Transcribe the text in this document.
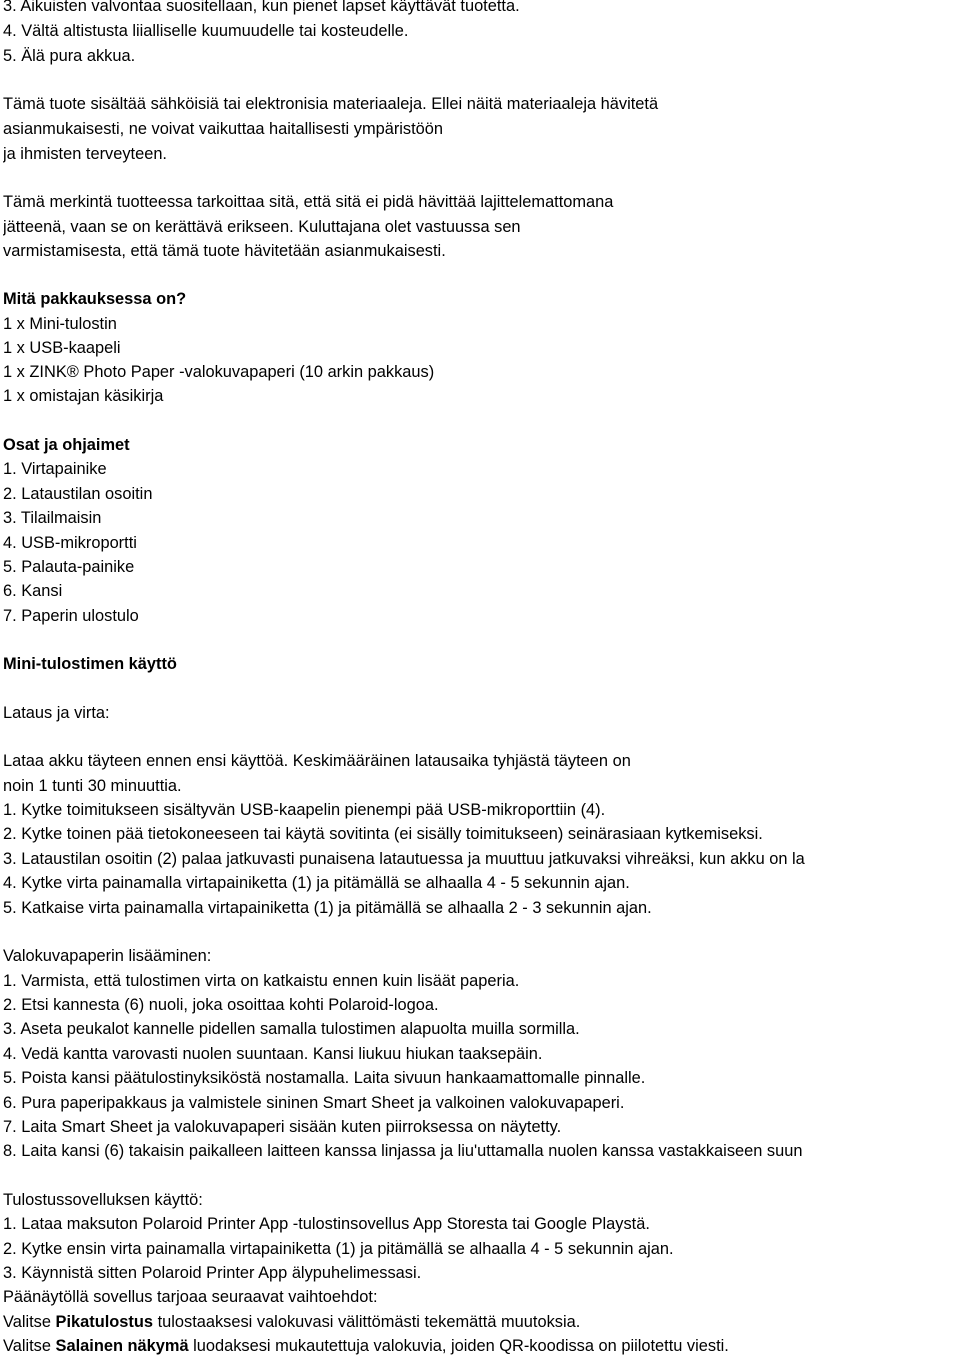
3. Aikuisten valvontaa suositellaan, kun pienet lapset käyttävät tuotetta.
4. Vältä altistusta liialliselle kuumuudelle tai kosteudelle.
5. Älä pura akkua.
Tämä tuote sisältää sähköisiä tai elektronisia materiaaleja. Ellei näitä materiaaleja hävitetä
asianmukaisesti, ne voivat vaikuttaa haitallisesti ympäristöön
ja ihmisten terveyteen.
Tämä merkintä tuotteessa tarkoittaa sitä, että sitä ei pidä hävittää lajittelemattomana
jätteenä, vaan se on kerättävä erikseen. Kuluttajana olet vastuussa sen
varmistamisesta, että tämä tuote hävitetään asianmukaisesti.
Mitä pakkauksessa on?
1 x Mini-tulostin
1 x USB-kaapeli
1 x ZINK® Photo Paper -valokuvapaperi (10 arkin pakkaus)
1 x omistajan käsikirja
Osat ja ohjaimet
1. Virtapainike
2. Lataustilan osoitin
3. Tilailmaisin
4. USB-mikroportti
5. Palauta-painike
6. Kansi
7. Paperin ulostulo
Mini-tulostimen käyttö
Lataus ja virta:
Lataa akku täyteen ennen ensi käyttöä. Keskimääräinen latausaika tyhjästä täyteen on
noin 1 tunti 30 minuuttia.
1. Kytke toimitukseen sisältyvän USB-kaapelin pienempi pää USB-mikroporttiin (4).
2. Kytke toinen pää tietokoneeseen tai käytä sovitinta (ei sisälly toimitukseen) seinärasiaan kytkemiseksi.
3. Lataustilan osoitin (2) palaa jatkuvasti punaisena latautuessa ja muuttuu jatkuvaksi vihreäksi, kun akku on la
4. Kytke virta painamalla virtapainiketta (1) ja pitämällä se alhaalla 4 - 5 sekunnin ajan.
5. Katkaise virta painamalla virtapainiketta (1) ja pitämällä se alhaalla 2 - 3 sekunnin ajan.
Valokuvapaperin lisääminen:
1. Varmista, että tulostimen virta on katkaistu ennen kuin lisäät paperia.
2. Etsi kannesta (6) nuoli, joka osoittaa kohti Polaroid-logoa.
3. Aseta peukalot kannelle pidellen samalla tulostimen alapuolta muilla sormilla.
4. Vedä kantta varovasti nuolen suuntaan. Kansi liukuu hiukan taaksepäin.
5. Poista kansi päätulostinyksiköstä nostamalla. Laita sivuun hankaamattomalle pinnalle.
6. Pura paperipakkaus ja valmistele sininen Smart Sheet ja valkoinen valokuvapaperi.
7. Laita Smart Sheet ja valokuvapaperi sisään kuten piirroksessa on näytetty.
8. Laita kansi (6) takaisin paikalleen laitteen kanssa linjassa ja liu'uttamalla nuolen kanssa vastakkaiseen suun
Tulostussovelluksen käyttö:
1. Lataa maksuton Polaroid Printer App -tulostinsovellus App Storesta tai Google Playstä.
2. Kytke ensin virta painamalla virtapainiketta (1) ja pitämällä se alhaalla 4 - 5 sekunnin ajan.
3. Käynnistä sitten Polaroid Printer App älypuhelimessasi.
Päänäytöllä sovellus tarjoaa seuraavat vaihtoehdot:
Valitse Pikatulostus tulostaaksesi valokuvasi välittömästi tekemättä muutoksia.
Valitse Salainen näkymä luodaksesi mukautettuja valokuvia, joiden QR-koodissa on piilotettu viesti.
